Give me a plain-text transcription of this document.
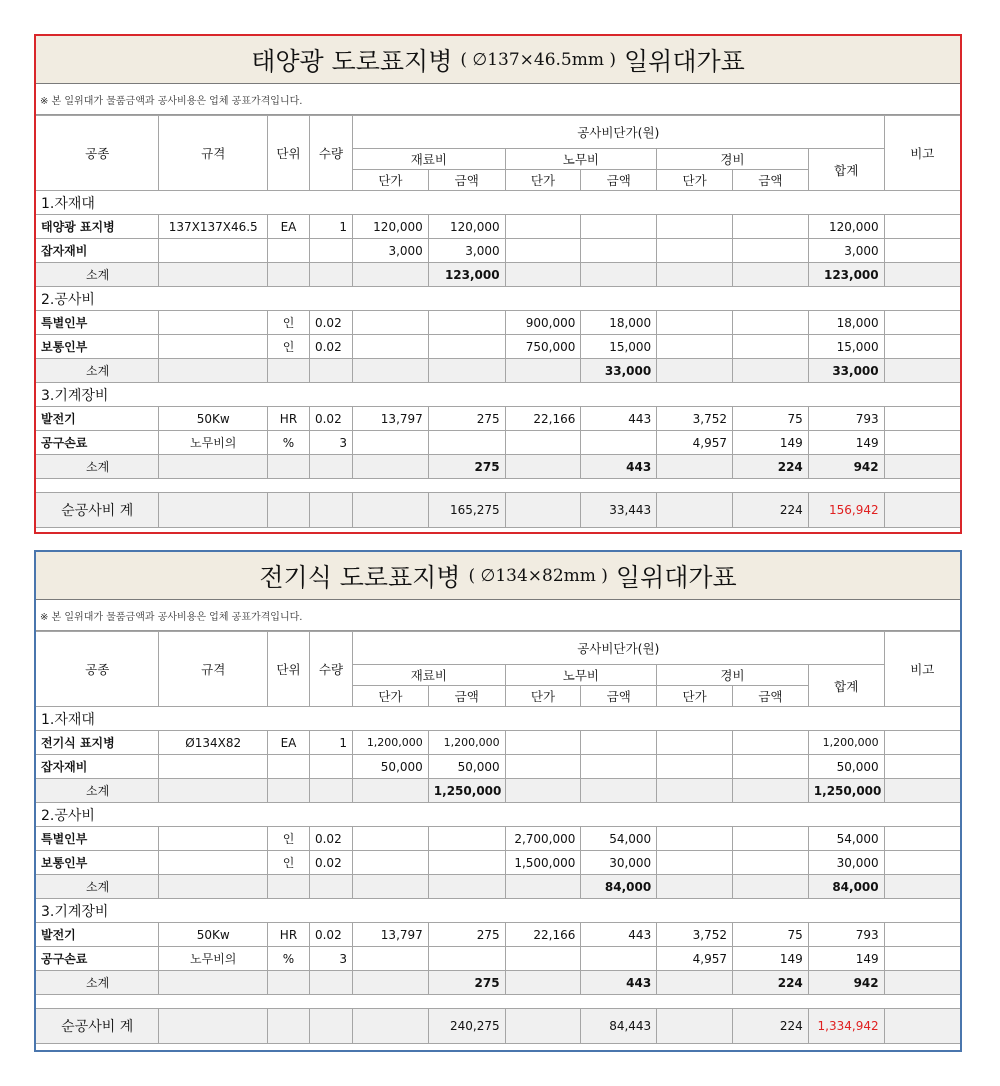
태양광 도로표지병 ( ∅137×46.5mm ) 일위대가표
※ 본 일위대가 물품금액과 공사비용은 업체 공표가격입니다.
공종	규격	단위	수량	공사비단가(원)							비고
				재료비		노무비		경비		합계	
				단가	금액	단가	금액	단가	금액		
1.자재대											
태양광 표지병	137X137X46.5	EA	1	120,000	120,000					120,000	
잡자재비				3,000	3,000					3,000	
소계					123,000					123,000	
2.공사비											
특별인부		인	0.02			900,000	18,000			18,000	
보통인부		인	0.02			750,000	15,000			15,000	
소계							33,000			33,000	
3.기계장비											
발전기	50Kw	HR	0.02	13,797	275	22,166	443	3,752	75	793	
공구손료	노무비의	%	3					4,957	149	149	
소계					275		443		224	942	

순공사비 계					165,275		33,443		224	156,942	
전기식 도로표지병 ( ∅134×82mm ) 일위대가표
※ 본 일위대가 물품금액과 공사비용은 업체 공표가격입니다.
공종	규격	단위	수량	공사비단가(원)							비고
				재료비		노무비		경비		합계	
				단가	금액	단가	금액	단가	금액		
1.자재대											
전기식 표지병	Ø134X82	EA	1	1,200,000	1,200,000					1,200,000	
잡자재비				50,000	50,000					50,000	
소계					1,250,000					1,250,000	
2.공사비											
특별인부		인	0.02			2,700,000	54,000			54,000	
보통인부		인	0.02			1,500,000	30,000			30,000	
소계							84,000			84,000	
3.기계장비											
발전기	50Kw	HR	0.02	13,797	275	22,166	443	3,752	75	793	
공구손료	노무비의	%	3					4,957	149	149	
소계					275		443		224	942	

순공사비 계					240,275		84,443		224	1,334,942	
